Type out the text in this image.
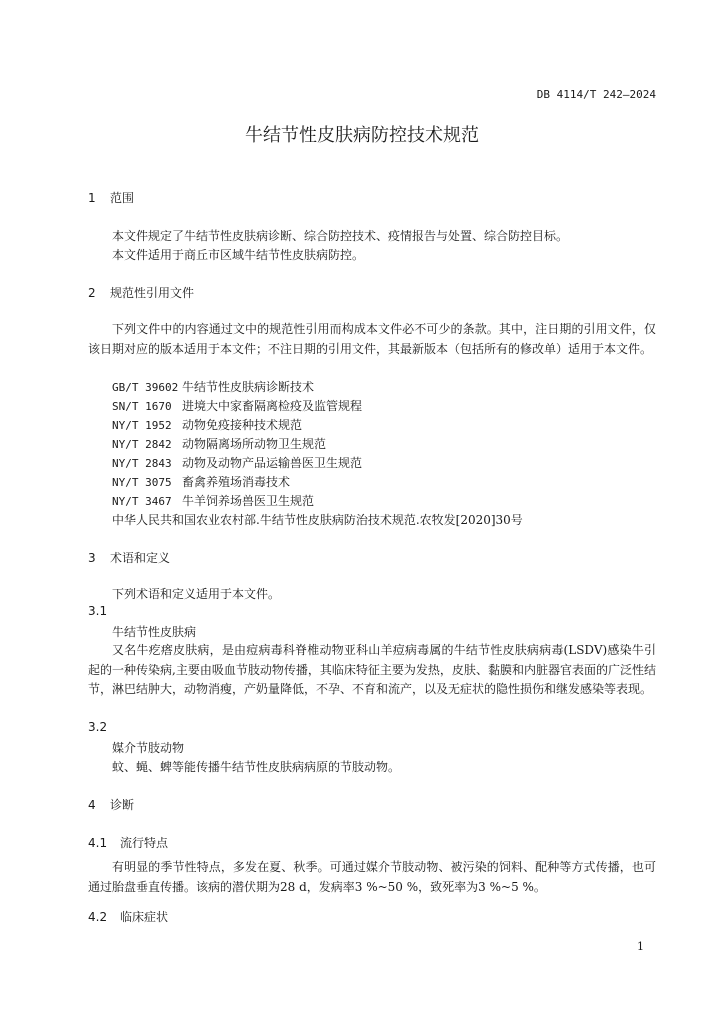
DB 4114/T 242—2024
牛结节性皮肤病防控技术规范
1 范围
本文件规定了牛结节性皮肤病诊断、综合防控技术、疫情报告与处置、综合防控目标。
本文件适用于商丘市区域牛结节性皮肤病防控。
2 规范性引用文件
下列文件中的内容通过文中的规范性引用而构成本文件必不可少的条款。其中，注日期的引用文件，仅该日期对应的版本适用于本文件；不注日期的引用文件，其最新版本（包括所有的修改单）适用于本文件。
GB/T 39602 牛结节性皮肤病诊断技术
SN/T 1670 进境大中家畜隔离检疫及监管规程
NY/T 1952 动物免疫接种技术规范
NY/T 2842 动物隔离场所动物卫生规范
NY/T 2843 动物及动物产品运输兽医卫生规范
NY/T 3075 畜禽养殖场消毒技术
NY/T 3467 牛羊饲养场兽医卫生规范
中华人民共和国农业农村部.牛结节性皮肤病防治技术规范.农牧发[2020]30号
3 术语和定义
下列术语和定义适用于本文件。
3.1
牛结节性皮肤病
又名牛疙瘩皮肤病，是由痘病毒科脊椎动物亚科山羊痘病毒属的牛结节性皮肤病病毒(LSDV)感染牛引起的一种传染病,主要由吸血节肢动物传播，其临床特征主要为发热，皮肤、黏膜和内脏器官表面的广泛性结节，淋巴结肿大，动物消瘦，产奶量降低，不孕、不育和流产，以及无症状的隐性损伤和继发感染等表现。
3.2
媒介节肢动物
蚊、蝇、蜱等能传播牛结节性皮肤病病原的节肢动物。
4 诊断
4.1 流行特点
有明显的季节性特点，多发在夏、秋季。可通过媒介节肢动物、被污染的饲料、配种等方式传播，也可通过胎盘垂直传播。该病的潜伏期为28 d，发病率3 %~50 %，致死率为3 %~5 %。
4.2 临床症状
1
